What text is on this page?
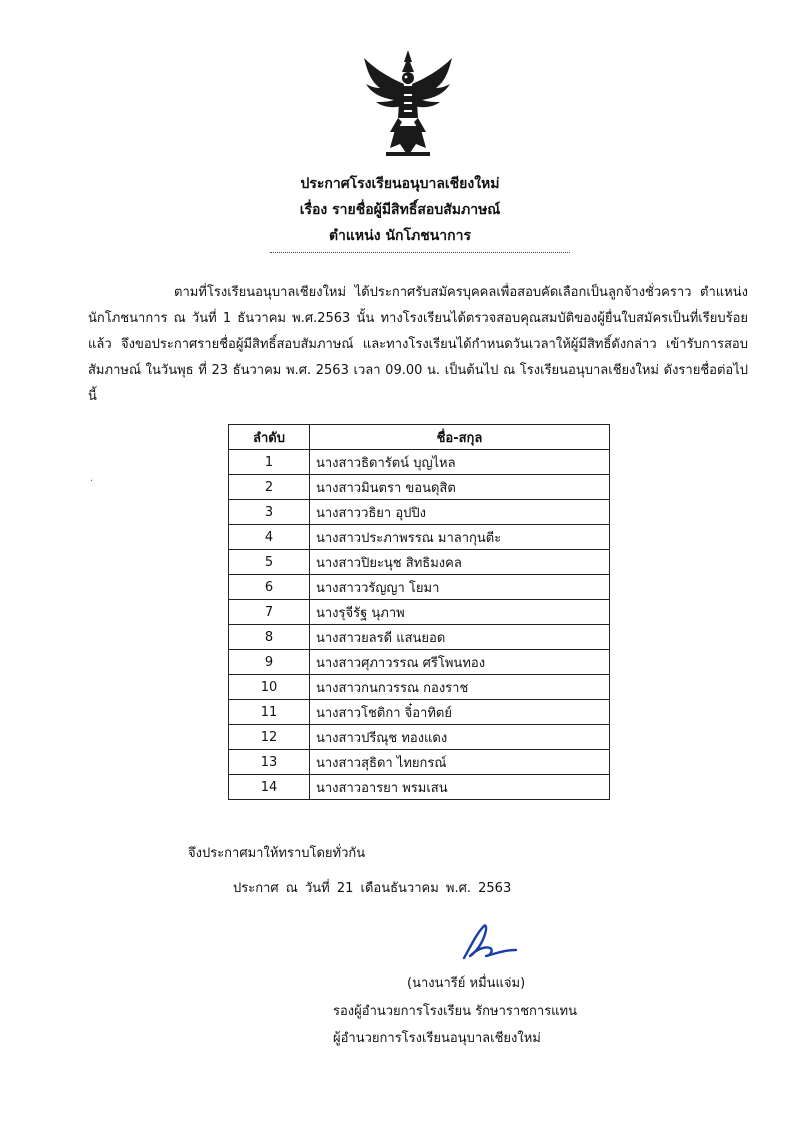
ประกาศโรงเรียนอนุบาลเชียงใหม่
เรื่อง รายชื่อผู้มีสิทธิ์สอบสัมภาษณ์
ตำแหน่ง นักโภชนาการ
ตามที่โรงเรียนอนุบาลเชียงใหม่ ได้ประกาศรับสมัครบุคคลเพื่อสอบคัดเลือกเป็นลูกจ้างชั่วคราว ตำแหน่ง นักโภชนาการ ณ วันที่ 1 ธันวาคม พ.ศ.2563 นั้น ทางโรงเรียนได้ตรวจสอบคุณสมบัติของผู้ยื่นใบสมัครเป็นที่เรียบร้อยแล้ว จึงขอประกาศรายชื่อผู้มีสิทธิ์สอบสัมภาษณ์ และทางโรงเรียนได้กำหนดวันเวลาให้ผู้มีสิทธิ์ดังกล่าว เข้ารับการสอบสัมภาษณ์ ในวันพุธ ที่ 23 ธันวาคม พ.ศ. 2563 เวลา 09.00 น. เป็นต้นไป ณ โรงเรียนอนุบาลเชียงใหม่ ดังรายชื่อต่อไปนี้
·
ลำดับ	ชื่อ-สกุล
1	นางสาวธิดารัตน์ บุญไหล
2	นางสาวมินตรา ขอนดุสิต
3	นางสาววธิยา อุปปิง
4	นางสาวประภาพรรณ มาลากุนตีะ
5	นางสาวปิยะนุช สิทธิมงคล
6	นางสาววรัญญา โยมา
7	นางรุจีรัฐ นุภาพ
8	นางสาวยลรดี แสนยอด
9	นางสาวศุภาวรรณ ศรีโพนทอง
10	นางสาวกนกวรรณ กองราช
11	นางสาวโชติกา จิ๋อาทิตย์
12	นางสาวปรีณุช ทองแดง
13	นางสาวสุธิดา ไทยกรณ์
14	นางสาวอารยา พรมเสน
จึงประกาศมาให้ทราบโดยทั่วกัน
ประกาศ ณ วันที่ 21 เดือนธันวาคม พ.ศ. 2563
(นางนารีย์ หมื่นแจ่ม)
รองผู้อำนวยการโรงเรียน รักษาราชการแทน
ผู้อำนวยการโรงเรียนอนุบาลเชียงใหม่
